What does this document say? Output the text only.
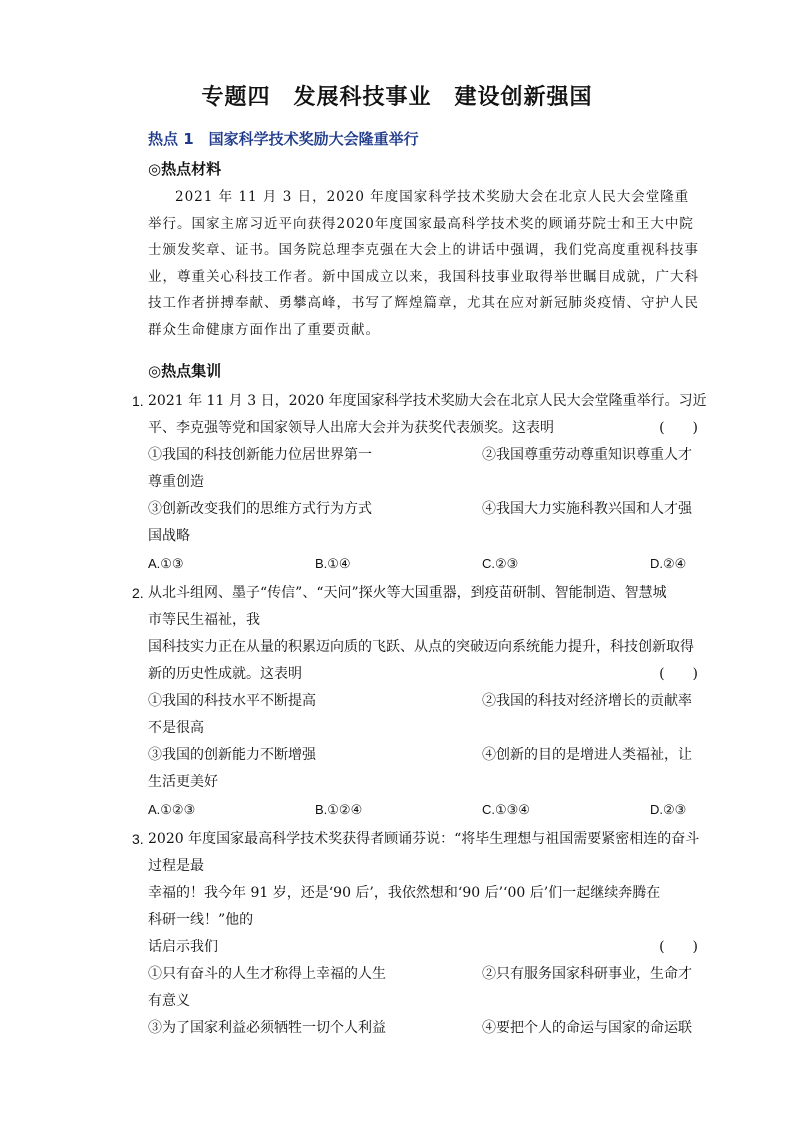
专题四　发展科技事业　建设创新强国
热点 1　国家科学技术奖励大会隆重举行
◎热点材料

2021 年 11 月 3 日，2020 年度国家科学技术奖励大会在北京人民大会堂隆重举行。国家主席习近平向获得2020年度国家最高科学技术奖的顾诵芬院士和王大中院士颁发奖章、证书。国务院总理李克强在大会上的讲话中强调，我们党高度重视科技事业，尊重关心科技工作者。新中国成立以来，我国科技事业取得举世瞩目成就，广大科技工作者拼搏奉献、勇攀高峰，书写了辉煌篇章，尤其在应对新冠肺炎疫情、守护人民群众生命健康方面作出了重要贡献。

◎热点集训
1. 2021 年 11 月 3 日，2020 年度国家科学技术奖励大会在北京人民大会堂隆重举行。习近
平、李克强等党和国家领导人出席大会并为获奖代表颁奖。这表明	(　　)
①我国的科技创新能力位居世界第一	②我国尊重劳动尊重知识尊重人才
尊重创造
③创新改变我们的思维方式行为方式	④我国大力实施科教兴国和人才强
国战略
A.①③	B.①④	C.②③	D.②④
2. 从北斗组网、墨子“传信”、“天问”探火等大国重器，到疫苗研制、智能制造、智慧城
市等民生福祉，我
国科技实力正在从量的积累迈向质的飞跃、从点的突破迈向系统能力提升，科技创新取得
新的历史性成就。这表明	(　　)
①我国的科技水平不断提高	②我国的科技对经济增长的贡献率
不是很高
③我国的创新能力不断增强	④创新的目的是增进人类福祉，让
生活更美好
A.①②③	B.①②④	C.①③④	D.②③
3. 2020 年度国家最高科学技术奖获得者顾诵芬说：“将毕生理想与祖国需要紧密相连的奋斗
过程是最
幸福的！我今年 91 岁，还是‘90 后’，我依然想和‘90 后’‘00 后’们一起继续奔腾在
科研一线！”他的
话启示我们	(　　)
①只有奋斗的人生才称得上幸福的人生	②只有服务国家科研事业，生命才
有意义
③为了国家利益必须牺牲一切个人利益	④要把个人的命运与国家的命运联
